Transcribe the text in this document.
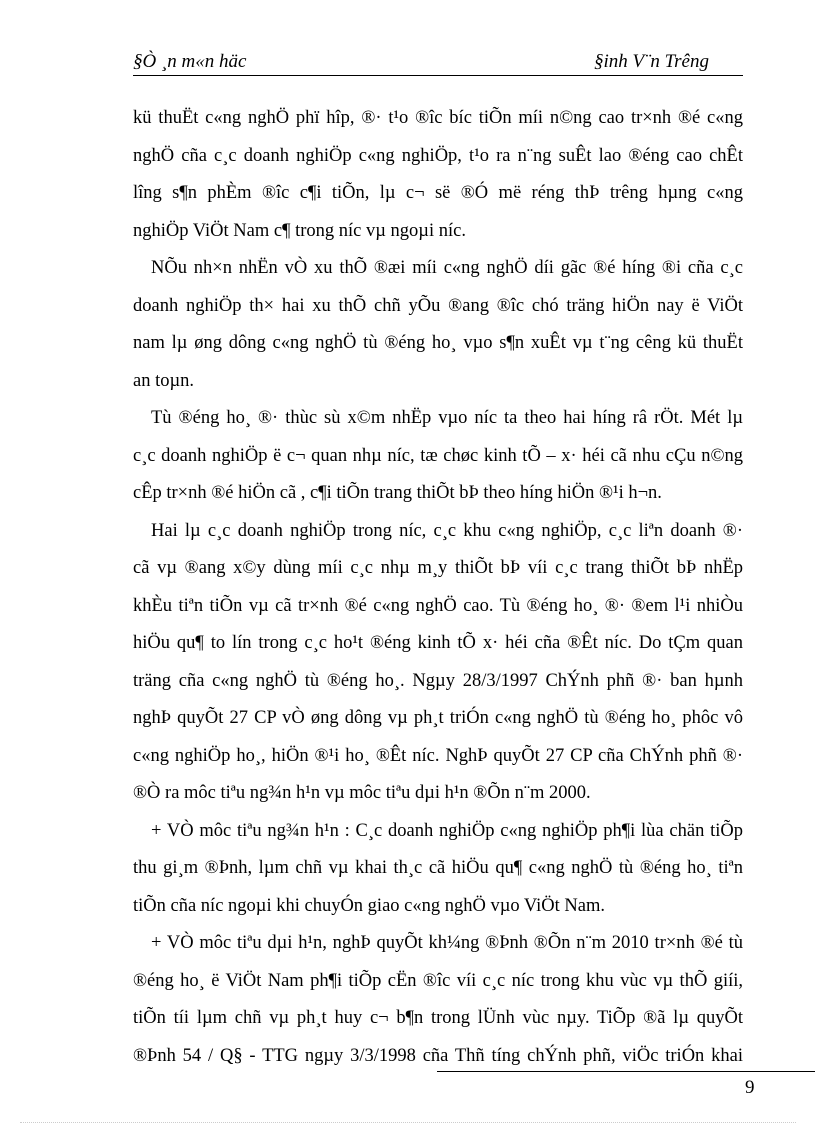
§Ò ¸n m«n häc	§inh V¨n Trêng

kü thuËt c«ng nghÖ phï hîp, ®· t¹o ®îc bíc tiÕn míi n©ng cao tr×nh ®é c«ng

nghÖ cña c¸c doanh nghiÖp c«ng nghiÖp, t¹o ra n¨ng suÊt lao ®éng cao chÊt

lîng s¶n phÈm ®îc c¶i tiÕn, lµ c¬ së ®Ó më réng thÞ trêng hµng c«ng

nghiÖp ViÖt Nam c¶ trong níc vµ ngoµi níc.

NÕu nh×n nhËn vÒ xu thÕ ®æi míi c«ng nghÖ díi gãc ®é híng ®i cña c¸c

doanh nghiÖp th× hai xu thÕ chñ yÕu ®ang ®îc chó träng hiÖn nay ë ViÖt

nam lµ øng dông c«ng nghÖ tù ®éng ho¸ vµo s¶n xuÊt vµ t¨ng cêng kü thuËt

an toµn.

Tù ®éng ho¸ ®· thùc sù x©m nhËp vµo níc ta theo hai híng râ rÖt. Mét lµ

c¸c doanh nghiÖp ë c¬ quan nhµ níc, tæ chøc kinh tÕ – x· héi cã nhu cÇu n©ng

cÊp tr×nh ®é hiÖn cã , c¶i tiÕn trang thiÕt bÞ theo híng hiÖn ®¹i h¬n.

Hai lµ c¸c doanh nghiÖp trong níc, c¸c khu c«ng nghiÖp, c¸c liªn doanh ®·

cã vµ ®ang x©y dùng míi c¸c nhµ m¸y thiÕt bÞ víi c¸c trang thiÕt bÞ nhËp

khÈu tiªn tiÕn vµ cã tr×nh ®é c«ng nghÖ cao. Tù ®éng ho¸ ®· ®em l¹i nhiÒu

hiÖu qu¶ to lín trong c¸c ho¹t ®éng kinh tÕ x· héi cña ®Êt níc. Do tÇm quan

träng cña c«ng nghÖ tù ®éng ho¸. Ngµy 28/3/1997 ChÝnh phñ ®· ban hµnh

nghÞ quyÕt 27 CP vÒ øng dông vµ ph¸t triÓn c«ng nghÖ tù ®éng ho¸ phôc vô

c«ng nghiÖp ho¸, hiÖn ®¹i ho¸ ®Êt níc. NghÞ quyÕt 27 CP cña ChÝnh phñ ®·

®Ò ra môc tiªu ng¾n h¹n vµ môc tiªu dµi h¹n ®Õn n¨m 2000.

+ VÒ môc tiªu ng¾n h¹n : C¸c doanh nghiÖp c«ng nghiÖp ph¶i lùa chän tiÕp

thu gi¸m ®Þnh, lµm chñ vµ khai th¸c cã hiÖu qu¶ c«ng nghÖ tù ®éng ho¸ tiªn

tiÕn cña níc ngoµi khi chuyÓn giao c«ng nghÖ vµo ViÖt Nam.

+ VÒ môc tiªu dµi h¹n, nghÞ quyÕt kh¼ng ®Þnh ®Õn n¨m 2010 tr×nh ®é tù

®éng ho¸ ë ViÖt Nam ph¶i tiÕp cËn ®îc víi c¸c níc trong khu vùc vµ thÕ giíi,

tiÕn tíi lµm chñ vµ ph¸t huy c¬ b¶n trong lÜnh vùc nµy. TiÕp ®ã lµ quyÕt

®Þnh 54 / Q§ - TTG ngµy 3/3/1998 cña Thñ tíng chÝnh phñ, viÖc triÓn khai

9
